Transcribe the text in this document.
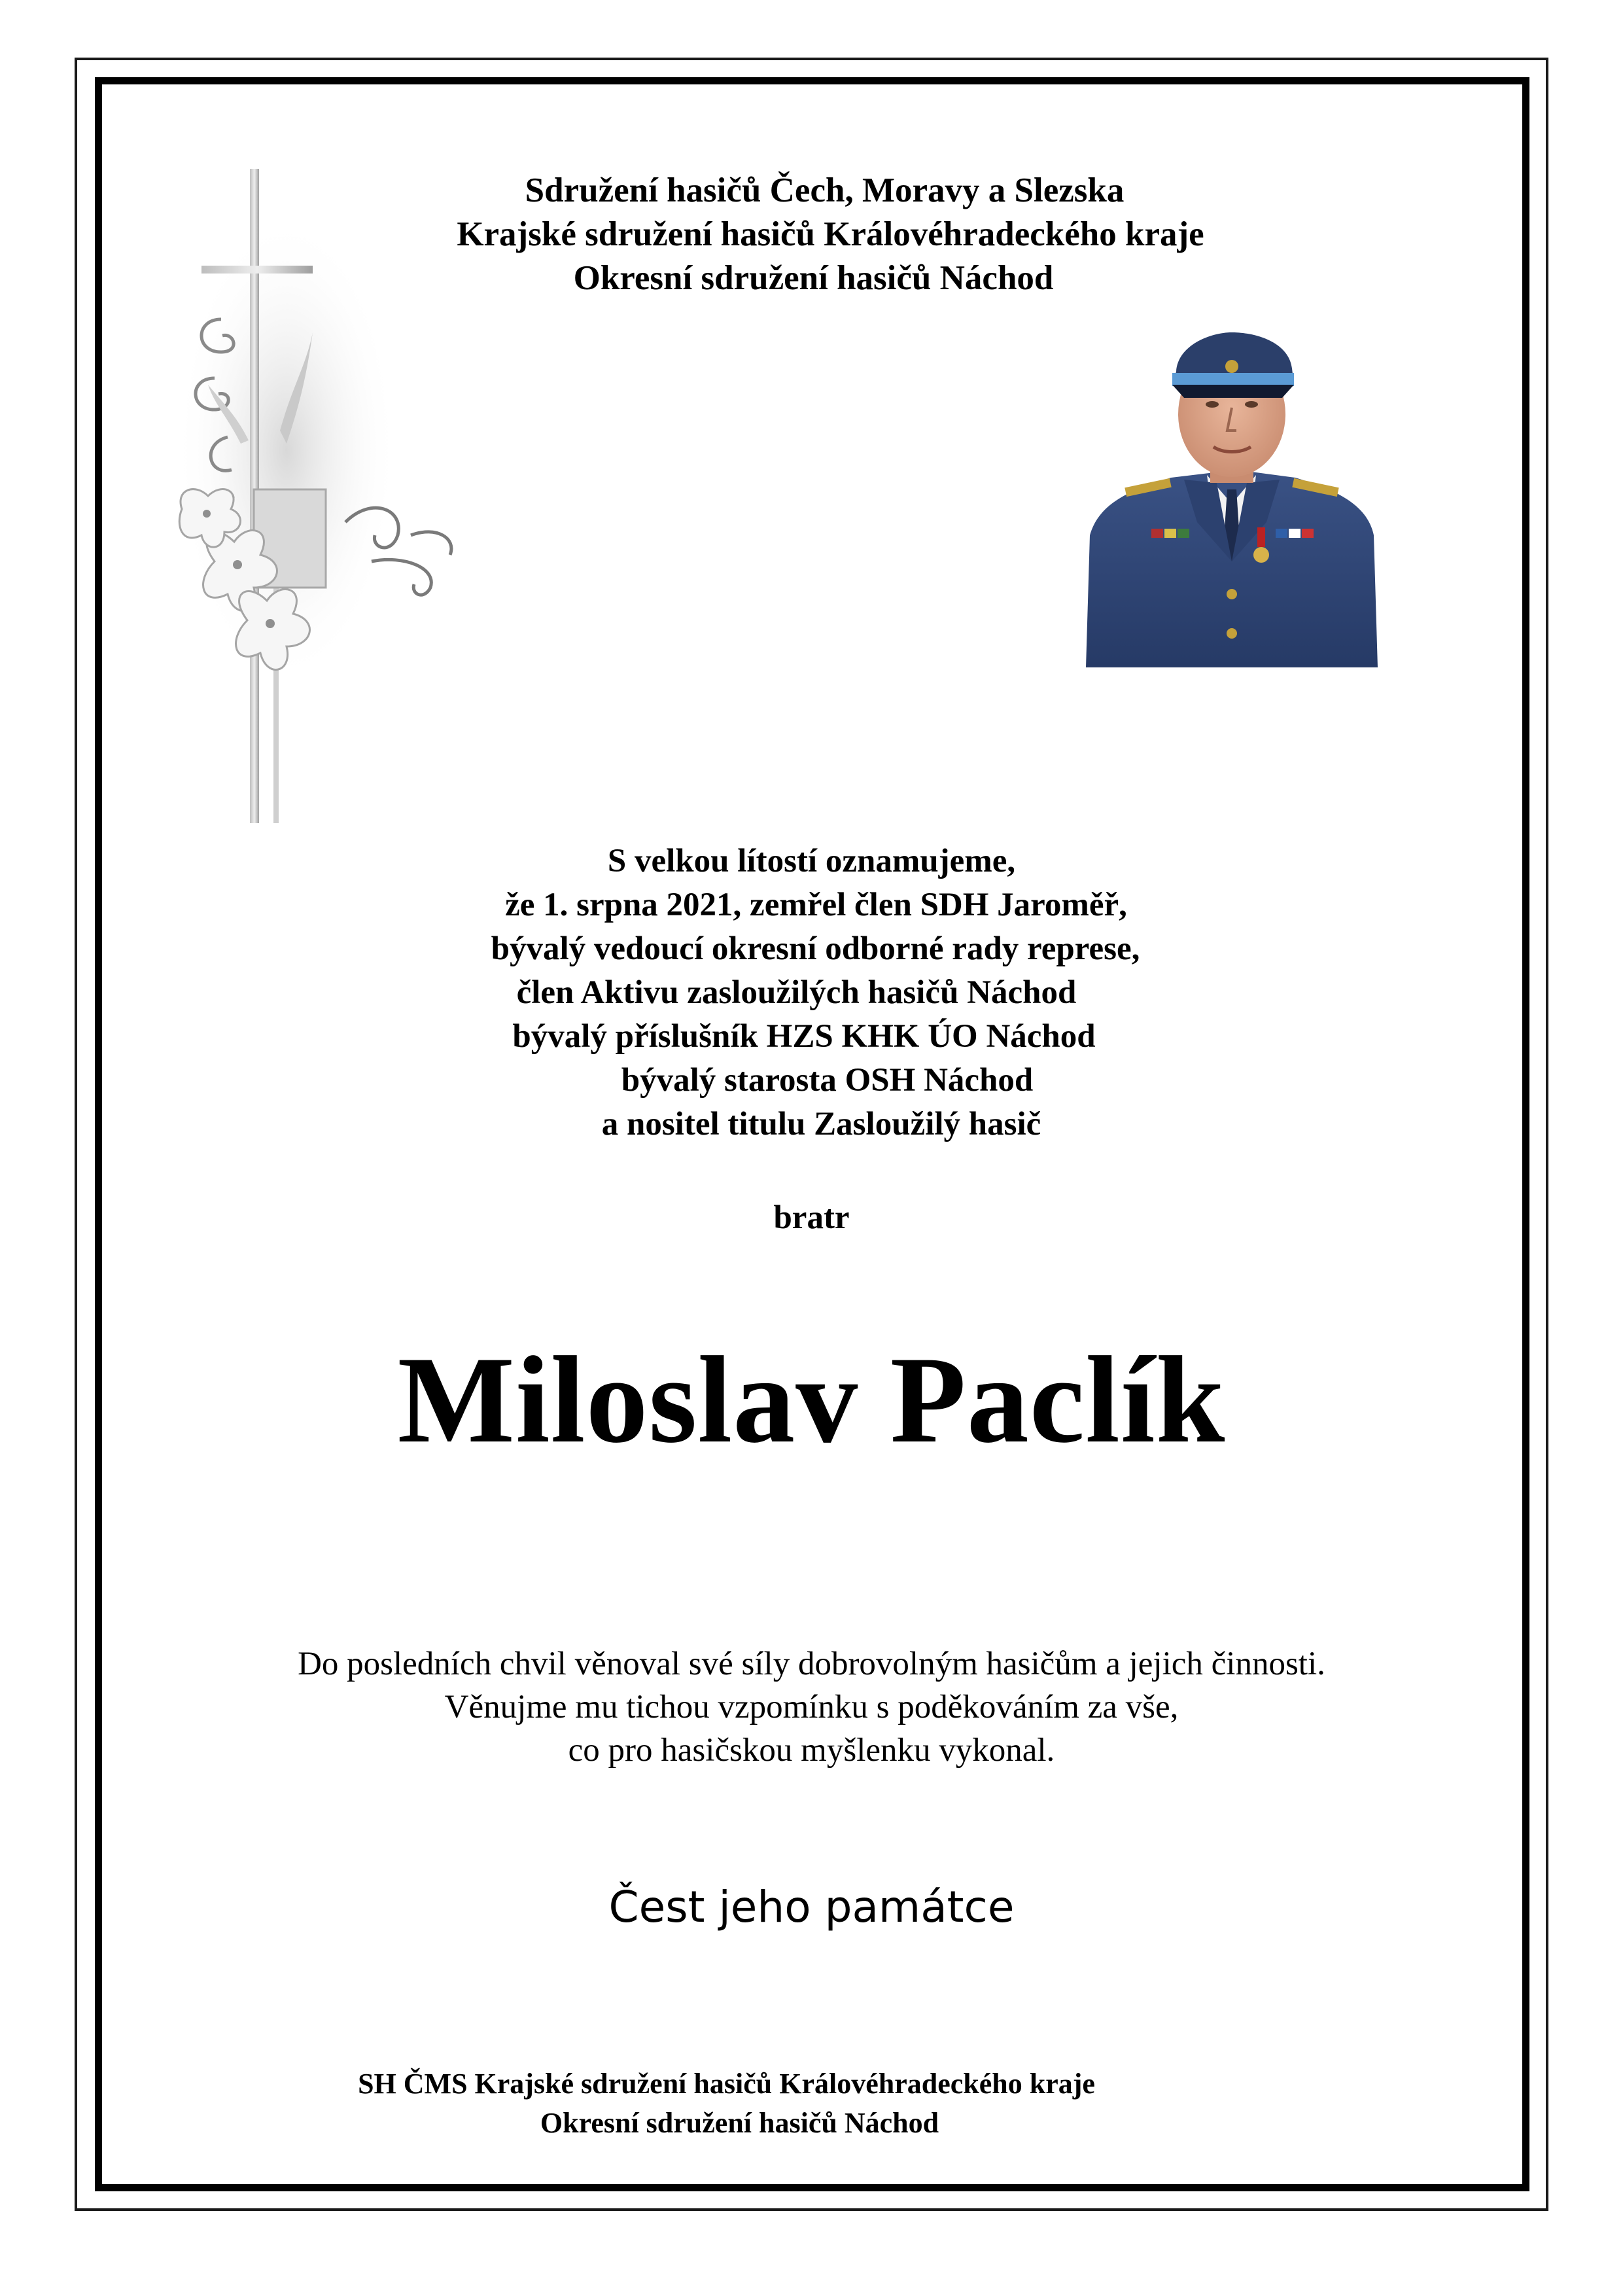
Sdružení hasičů Čech, Moravy a Slezska
Krajské sdružení hasičů Královéhradeckého kraje
Okresní sdružení hasičů Náchod
S velkou lítostí oznamujeme,
že 1. srpna 2021, zemřel člen SDH Jaroměř,
bývalý vedoucí okresní odborné rady represe,
člen Aktivu zasloužilých hasičů Náchod
bývalý příslušník HZS KHK ÚO Náchod
bývalý starosta OSH Náchod
a nositel titulu Zasloužilý hasič
bratr
Miloslav Paclík
Do posledních chvil věnoval své síly dobrovolným hasičům a jejich činnosti.
Věnujme mu tichou vzpomínku s poděkováním za vše,
co pro hasičskou myšlenku vykonal.
Čest jeho památce
SH ČMS Krajské sdružení hasičů Královéhradeckého kraje
Okresní sdružení hasičů Náchod
